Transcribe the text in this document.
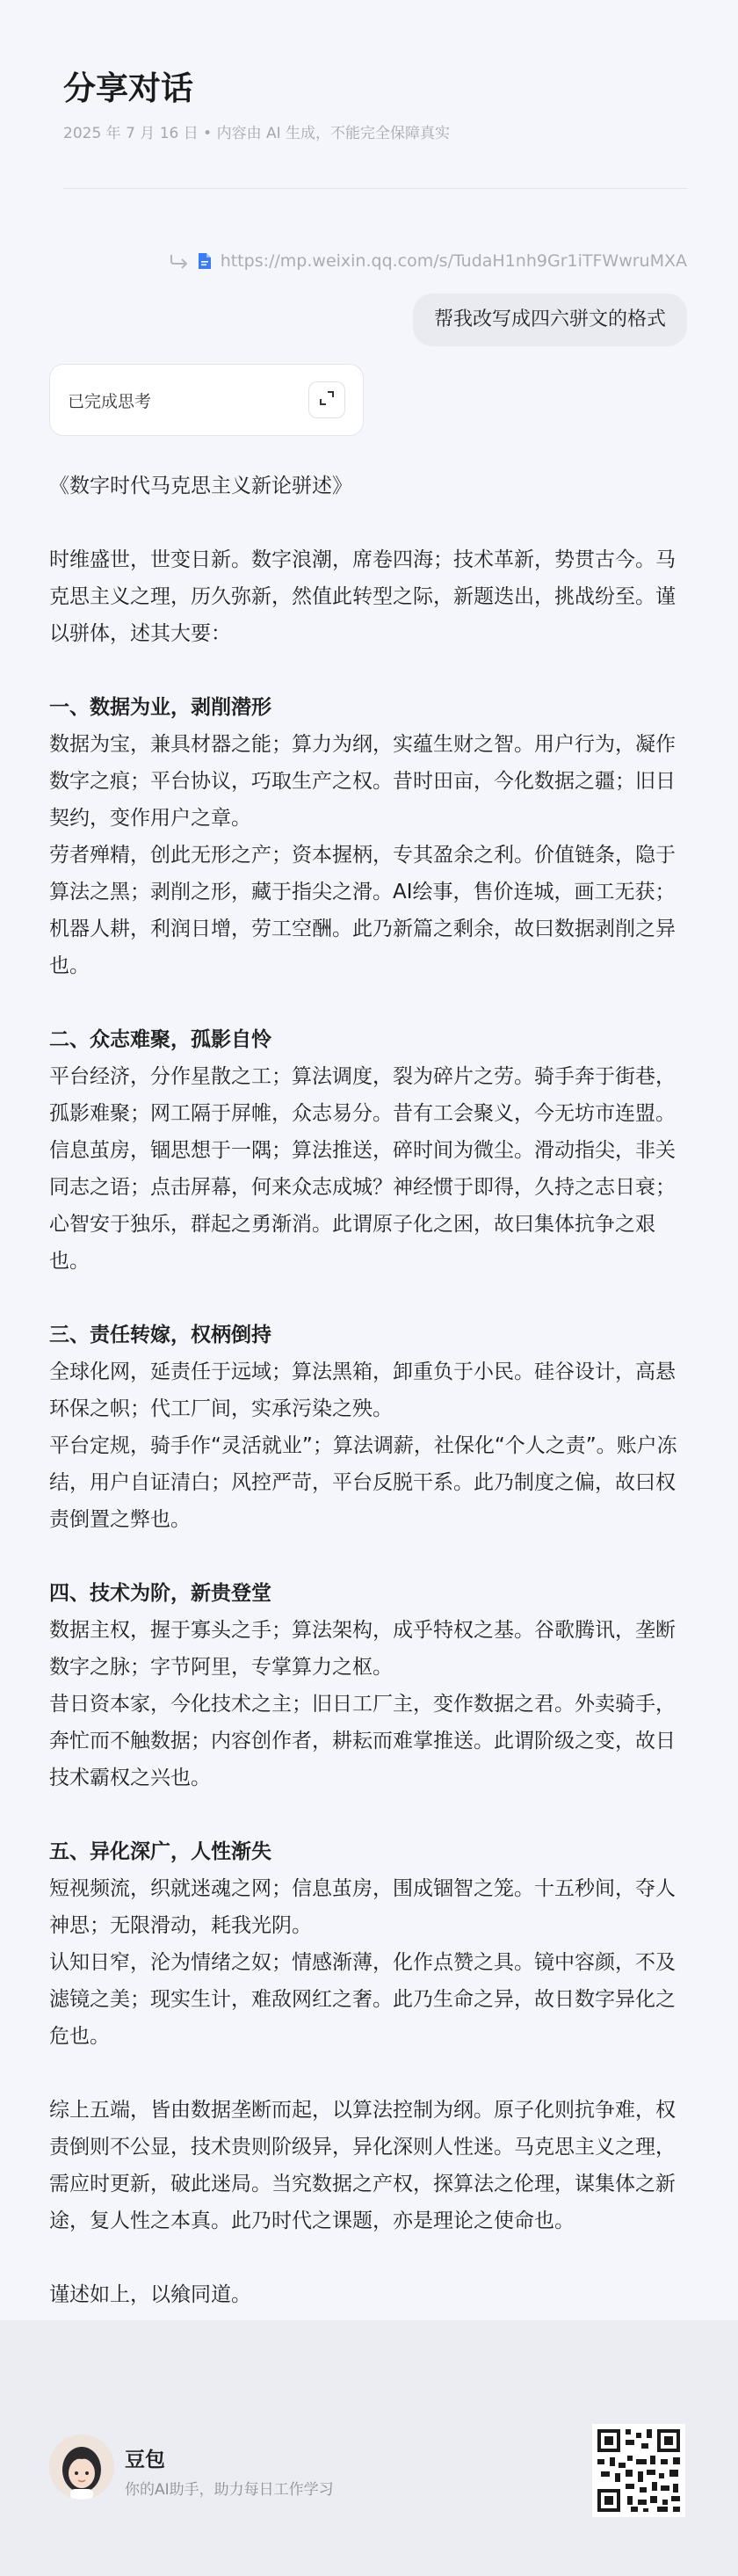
分享对话
2025 年 7 月 16 日 • 内容由 AI 生成，不能完全保障真实
https://mp.weixin.qq.com/s/TudaH1nh9Gr1iTFWwruMXA
帮我改写成四六骈文的格式
已完成思考

《数字时代马克思主义新论骈述》

时维盛世，世变日新。数字浪潮，席卷四海；技术革新，势贯古今。马克思主义之理，历久弥新，然值此转型之际，新题迭出，挑战纷至。谨以骈体，述其大要：

一、数据为业，剥削潜形

数据为宝，兼具材器之能；算力为纲，实蕴生财之智。用户行为，凝作数字之痕；平台协议，巧取生产之权。昔时田亩，今化数据之疆；旧日契约，变作用户之章。

劳者殚精，创此无形之产；资本握柄，专其盈余之利。价值链条，隐于算法之黑；剥削之形，藏于指尖之滑。AI绘事，售价连城，画工无获；机器人耕，利润日增，劳工空酬。此乃新篇之剩余，故曰数据剥削之异也。

二、众志难聚，孤影自怜

平台经济，分作星散之工；算法调度，裂为碎片之劳。骑手奔于街巷，孤影难聚；网工隔于屏帷，众志易分。昔有工会聚义，今无坊市连盟。

信息茧房，锢思想于一隅；算法推送，碎时间为微尘。滑动指尖，非关同志之语；点击屏幕，何来众志成城？神经惯于即得，久持之志日衰；心智安于独乐，群起之勇渐消。此谓原子化之困，故曰集体抗争之艰也。

三、责任转嫁，权柄倒持

全球化网，延责任于远域；算法黑箱，卸重负于小民。硅谷设计，高悬环保之帜；代工厂间，实承污染之殃。

平台定规，骑手作“灵活就业”；算法调薪，社保化“个人之责”。账户冻结，用户自证清白；风控严苛，平台反脱干系。此乃制度之偏，故曰权责倒置之弊也。

四、技术为阶，新贵登堂

数据主权，握于寡头之手；算法架构，成乎特权之基。谷歌腾讯，垄断数字之脉；字节阿里，专掌算力之枢。

昔日资本家，今化技术之主；旧日工厂主，变作数据之君。外卖骑手，奔忙而不触数据；内容创作者，耕耘而难掌推送。此谓阶级之变，故日技术霸权之兴也。

五、异化深广，人性渐失

短视频流，织就迷魂之网；信息茧房，围成锢智之笼。十五秒间，夺人神思；无限滑动，耗我光阴。

认知日窄，沦为情绪之奴；情感渐薄，化作点赞之具。镜中容颜，不及滤镜之美；现实生计，难敌网红之奢。此乃生命之异，故日数字异化之危也。

综上五端，皆由数据垄断而起，以算法控制为纲。原子化则抗争难，权责倒则不公显，技术贵则阶级异，异化深则人性迷。马克思主义之理，需应时更新，破此迷局。当究数据之产权，探算法之伦理，谋集体之新途，复人性之本真。此乃时代之课题，亦是理论之使命也。

谨述如上，以飨同道。

豆包
你的AI助手，助力每日工作学习
